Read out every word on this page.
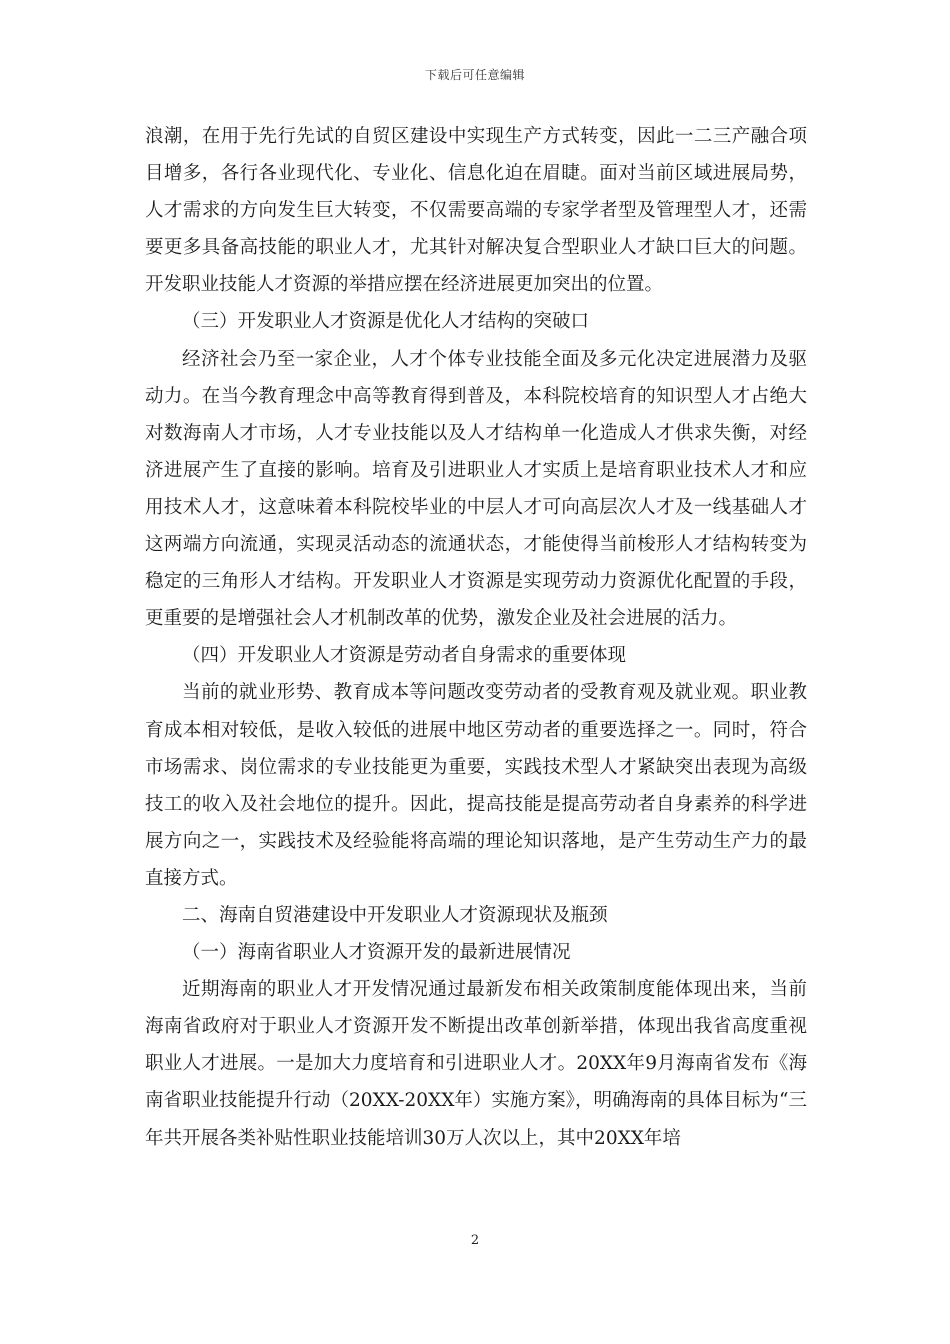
下载后可任意编辑

浪潮，在用于先行先试的自贸区建设中实现生产方式转变，因此一二三产融合项目增多，各行各业现代化、专业化、信息化迫在眉睫。面对当前区域进展局势，人才需求的方向发生巨大转变，不仅需要高端的专家学者型及管理型人才，还需要更多具备高技能的职业人才，尤其针对解决复合型职业人才缺口巨大的问题。开发职业技能人才资源的举措应摆在经济进展更加突出的位置。

（三）开发职业人才资源是优化人才结构的突破口

经济社会乃至一家企业，人才个体专业技能全面及多元化决定进展潜力及驱动力。在当今教育理念中高等教育得到普及，本科院校培育的知识型人才占绝大对数海南人才市场，人才专业技能以及人才结构单一化造成人才供求失衡，对经济进展产生了直接的影响。培育及引进职业人才实质上是培育职业技术人才和应用技术人才，这意味着本科院校毕业的中层人才可向高层次人才及一线基础人才这两端方向流通，实现灵活动态的流通状态，才能使得当前梭形人才结构转变为稳定的三角形人才结构。开发职业人才资源是实现劳动力资源优化配置的手段，更重要的是增强社会人才机制改革的优势，激发企业及社会进展的活力。

（四）开发职业人才资源是劳动者自身需求的重要体现

当前的就业形势、教育成本等问题改变劳动者的受教育观及就业观。职业教育成本相对较低，是收入较低的进展中地区劳动者的重要选择之一。同时，符合市场需求、岗位需求的专业技能更为重要，实践技术型人才紧缺突出表现为高级技工的收入及社会地位的提升。因此，提高技能是提高劳动者自身素养的科学进展方向之一，实践技术及经验能将高端的理论知识落地，是产生劳动生产力的最直接方式。

二、海南自贸港建设中开发职业人才资源现状及瓶颈

（一）海南省职业人才资源开发的最新进展情况

近期海南的职业人才开发情况通过最新发布相关政策制度能体现出来，当前海南省政府对于职业人才资源开发不断提出改革创新举措，体现出我省高度重视职业人才进展。一是加大力度培育和引进职业人才。20XX年9月海南省发布《海南省职业技能提升行动（20XX-20XX年）实施方案》，明确海南的具体目标为“三年共开展各类补贴性职业技能培训30万人次以上，其中20XX年培

2
